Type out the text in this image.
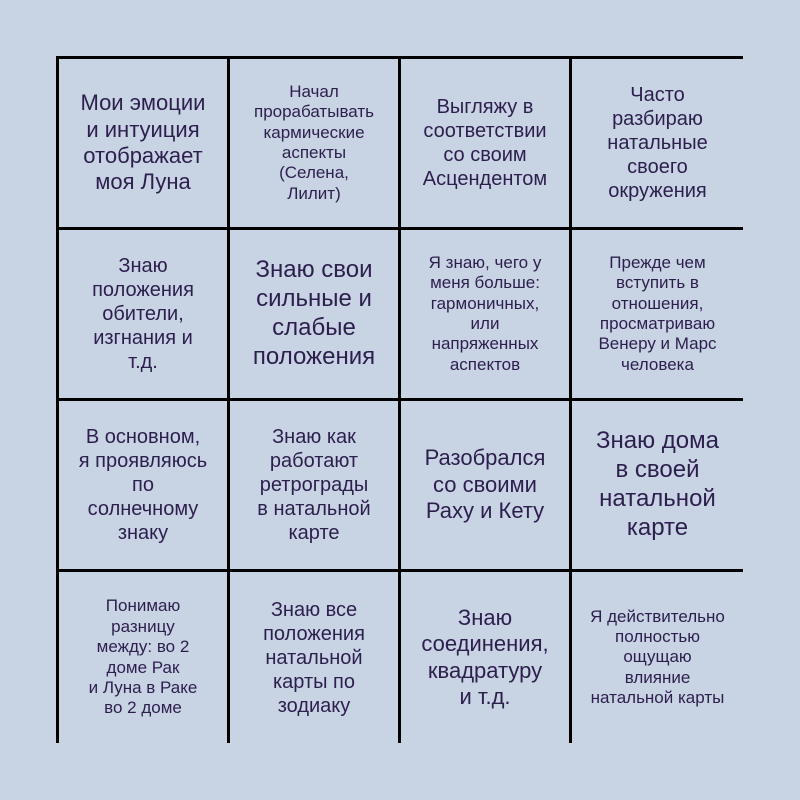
Мои эмоции
и интуиция
отображает
моя Луна
Начал
прорабатывать
кармические
аспекты
(Селена,
Лилит)
Выгляжу в
соответствии
со своим
Асцендентом
Часто
разбираю
натальные
своего
окружения
Знаю
положения
обители,
изгнания и
т.д.
Знаю свои
сильные и
слабые
положения
Я знаю, чего у
меня больше:
гармоничных,
или
напряженных
аспектов
Прежде чем
вступить в
отношения,
просматриваю
Венеру и Марс
человека
В основном,
я проявляюсь
по
солнечному
знаку
Знаю как
работают
ретрограды
в натальной
карте
Разобрался
со своими
Раху и Кету
Знаю дома
в своей
натальной
карте
Понимаю
разницу
между: во 2
доме Рак
и Луна в Раке
во 2 доме
Знаю все
положения
натальной
карты по
зодиаку
Знаю
соединения,
квадратуру
и т.д.
Я действительно
полностью
ощущаю
влияние
натальной карты
